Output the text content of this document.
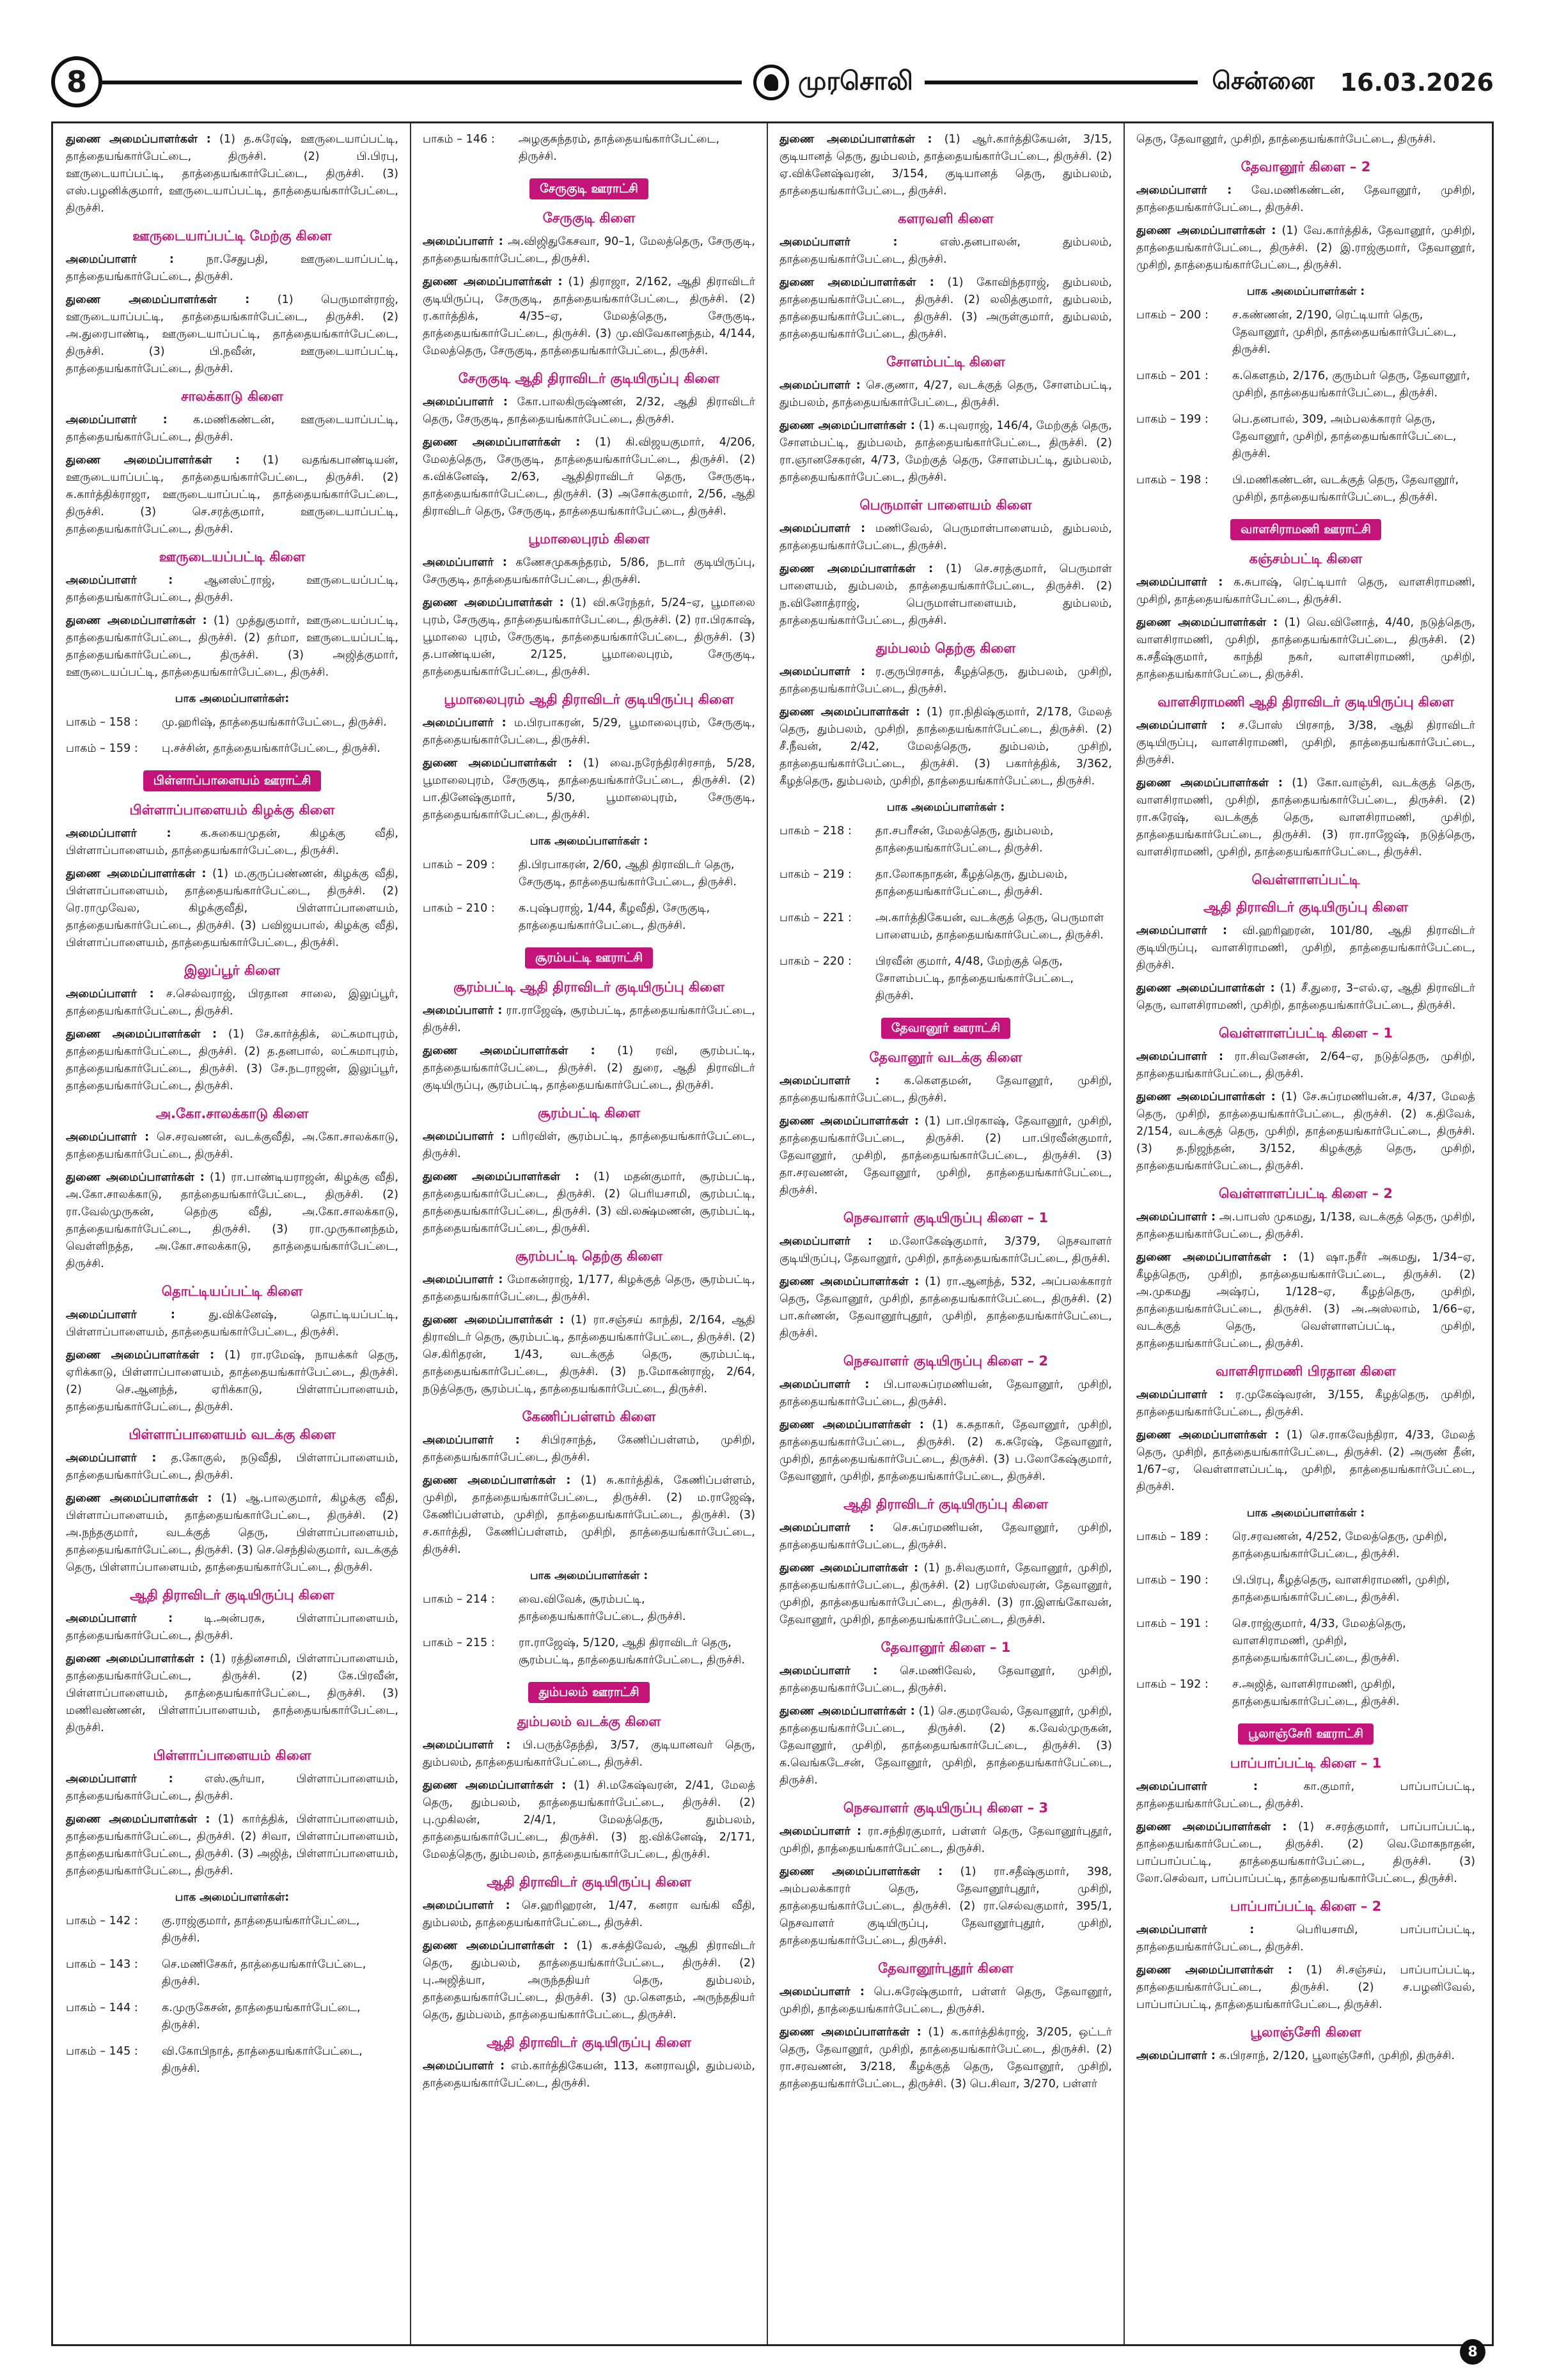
8	முரசொலி	சென்னை 16.03.2026

துணை அமைப்பாளர்கள் : (1) த.சுரேஷ், ஊருடையாப்பட்டி, தாத்தையங்கார்பேட்டை, திருச்சி. (2) பி.பிரபு, ஊருடையாப்பட்டி, தாத்தையங்கார்பேட்டை, திருச்சி. (3) எஸ்.பழனிக்குமார், ஊருடையாப்பட்டி, தாத்தையங்கார்பேட்டை, திருச்சி.

ஊருடையாப்பட்டி மேற்கு கிளை

அமைப்பாளர் : நா.சேதுபதி, ஊருடையாப்பட்டி, தாத்தையங்கார்பேட்டை, திருச்சி.

துணை அமைப்பாளர்கள் : (1) பெருமாள்ராஜ், ஊருடையாப்பட்டி, தாத்தையங்கார்பேட்டை, திருச்சி. (2) அ.துரைபாண்டி, ஊருடையாப்பட்டி, தாத்தையங்கார்பேட்டை, திருச்சி. (3) பி.நவீன், ஊருடையாப்பட்டி, தாத்தையங்கார்பேட்டை, திருச்சி.

சாலக்காடு கிளை

அமைப்பாளர் : க.மணிகண்டன், ஊருடையாப்பட்டி, தாத்தையங்கார்பேட்டை, திருச்சி.

துணை அமைப்பாளர்கள் : (1) வதங்கபாண்டியன், ஊருடையாப்பட்டி, தாத்தையங்கார்பேட்டை, திருச்சி. (2) சு.கார்த்திக்ராஜா, ஊருடையாப்பட்டி, தாத்தையங்கார்பேட்டை, திருச்சி. (3) செ.சரத்குமார், ஊருடையாப்பட்டி, தாத்தையங்கார்பேட்டை, திருச்சி.

ஊருடையப்பட்டி கிளை

அமைப்பாளர் : ஆனஸ்ட்ராஜ், ஊருடையப்பட்டி, தாத்தையங்கார்பேட்டை, திருச்சி.

துணை அமைப்பாளர்கள் : (1) முத்துகுமார், ஊருடையப்பட்டி, தாத்தையங்கார்பேட்டை, திருச்சி. (2) தர்மா, ஊருடையப்பட்டி, தாத்தையங்கார்பேட்டை, திருச்சி. (3) அஜித்குமார், ஊருடையப்பட்டி, தாத்தையங்கார்பேட்டை, திருச்சி.

பாக அமைப்பாளர்கள்:
பாகம் – 158 :	மு.ஹரிஷ், தாத்தையங்கார்பேட்டை, திருச்சி.
பாகம் – 159 :	பு.சச்சின், தாத்தையங்கார்பேட்டை, திருச்சி.
பிள்ளாப்பாளையம் ஊராட்சி
பிள்ளாப்பாளையம் கிழக்கு கிளை

அமைப்பாளர் : க.சுகையமுதன், கிழக்கு வீதி, பிள்ளாப்பாளையம், தாத்தையங்கார்பேட்டை, திருச்சி.

துணை அமைப்பாளர்கள் : (1) ம.குருப்பண்ணன், கிழக்கு வீதி, பிள்ளாப்பாளையம், தாத்தையங்கார்பேட்டை, திருச்சி. (2) ரெ.ராமுவேல, கிழக்குவீதி, பிள்ளாப்பாளையம், தாத்தையங்கார்பேட்டை, திருச்சி. (3) பவிஜயபால், கிழக்கு வீதி, பிள்ளாப்பாளையம், தாத்தையங்கார்பேட்டை, திருச்சி.

இலுப்பூர் கிளை

அமைப்பாளர் : ச.செல்வராஜ், பிரதான சாலை, இலுப்பூர், தாத்தையங்கார்பேட்டை, திருச்சி.

துணை அமைப்பாளர்கள் : (1) சே.கார்த்திக், லட்சுமாபுரம், தாத்தையங்கார்பேட்டை, திருச்சி. (2) த.தனபால், லட்சுமாபுரம், தாத்தையங்கார்பேட்டை, திருச்சி. (3) சே.நடராஜன், இலுப்பூர், தாத்தையங்கார்பேட்டை, திருச்சி.

அ.கோ.சாலக்காடு கிளை

அமைப்பாளர் : செ.சரவணன், வடக்குவீதி, அ.கோ.சாலக்காடு, தாத்தையங்கார்பேட்டை, திருச்சி.

துணை அமைப்பாளர்கள் : (1) ரா.பாண்டியராஜன், கிழக்கு வீதி, அ.கோ.சாலக்காடு, தாத்தையங்கார்பேட்டை, திருச்சி. (2) ரா.வேல்முருகன், தெற்கு வீதி, அ.கோ.சாலக்காடு, தாத்தையங்கார்பேட்டை, திருச்சி. (3) ரா.முருகானந்தம், வெள்ளிநத்த, அ.கோ.சாலக்காடு, தாத்தையங்கார்பேட்டை, திருச்சி.

தொட்டியப்பட்டி கிளை

அமைப்பாளர் : து.விக்னேஷ், தொட்டியப்பட்டி, பிள்ளாப்பாளையம், தாத்தையங்கார்பேட்டை, திருச்சி.

துணை அமைப்பாளர்கள் : (1) ரா.ரமேஷ், நாயக்கர் தெரு, ஏரிக்காடு, பிள்ளாப்பாளையம், தாத்தையங்கார்பேட்டை, திருச்சி. (2) செ.ஆனந்த், ஏரிக்காடு, பிள்ளாப்பாளையம், தாத்தையங்கார்பேட்டை, திருச்சி.

பிள்ளாப்பாளையம் வடக்கு கிளை

அமைப்பாளர் : த.கோகுல், நடுவீதி, பிள்ளாப்பாளையம், தாத்தையங்கார்பேட்டை, திருச்சி.

துணை அமைப்பாளர்கள் : (1) ஆ.பாலகுமார், கிழக்கு வீதி, பிள்ளாப்பாளையம், தாத்தையங்கார்பேட்டை, திருச்சி. (2) அ.நந்தகுமார், வடக்குத் தெரு, பிள்ளாப்பாளையம், தாத்தையங்கார்பேட்டை, திருச்சி. (3) செ.செந்தில்குமார், வடக்குத் தெரு, பிள்ளாப்பாளையம், தாத்தையங்கார்பேட்டை, திருச்சி.

ஆதி திராவிடர் குடியிருப்பு கிளை

அமைப்பாளர் : டி.அன்பரசு, பிள்ளாப்பாளையம், தாத்தையங்கார்பேட்டை, திருச்சி.

துணை அமைப்பாளர்கள் : (1) ரத்தினசாமி, பிள்ளாப்பாளையம், தாத்தையங்கார்பேட்டை, திருச்சி. (2) கே.பிரவீன், பிள்ளாப்பாளையம், தாத்தையங்கார்பேட்டை, திருச்சி. (3) மணிவண்ணன், பிள்ளாப்பாளையம், தாத்தையங்கார்பேட்டை, திருச்சி.

பிள்ளாப்பாளையம் கிளை

அமைப்பாளர் : எஸ்.சூர்யா, பிள்ளாப்பாளையம், தாத்தையங்கார்பேட்டை, திருச்சி.

துணை அமைப்பாளர்கள் : (1) கார்த்திக், பிள்ளாப்பாளையம், தாத்தையங்கார்பேட்டை, திருச்சி. (2) சிவா, பிள்ளாப்பாளையம், தாத்தையங்கார்பேட்டை, திருச்சி. (3) அஜித், பிள்ளாப்பாளையம், தாத்தையங்கார்பேட்டை, திருச்சி.

பாக அமைப்பாளர்கள்:
பாகம் – 142 :	கு.ராஜ்குமார், தாத்தையங்கார்பேட்டை, திருச்சி.
பாகம் – 143 :	செ.மணிசேகர், தாத்தையங்கார்பேட்டை, திருச்சி.
பாகம் – 144 :	க.முருகேசன், தாத்தையங்கார்பேட்டை, திருச்சி.
பாகம் – 145 :	வி.கோபிநாத், தாத்தையங்கார்பேட்டை, திருச்சி.
பாகம் – 146 :	அழகுசுந்தரம், தாத்தையங்கார்பேட்டை, திருச்சி.
சேருகுடி ஊராட்சி
சேருகுடி கிளை

அமைப்பாளர் : அ.விஜிதுகேசவா, 90–1, மேலத்தெரு, சேருகுடி, தாத்தையங்கார்பேட்டை, திருச்சி.

துணை அமைப்பாளர்கள் : (1) திராஜா, 2/162, ஆதி திராவிடர் குடியிருப்பு, சேருகுடி, தாத்தையங்கார்பேட்டை, திருச்சி. (2) ர.கார்த்திக், 4/35–ஏ, மேலத்தெரு, சேருகுடி, தாத்தையங்கார்பேட்டை, திருச்சி. (3) மு.விவேகானந்தம், 4/144, மேலத்தெரு, சேருகுடி, தாத்தையங்கார்பேட்டை, திருச்சி.

சேருகுடி ஆதி திராவிடர் குடியிருப்பு கிளை

அமைப்பாளர் : கோ.பாலகிருஷ்ணன், 2/32, ஆதி திராவிடர் தெரு, சேருகுடி, தாத்தையங்கார்பேட்டை, திருச்சி.

துணை அமைப்பாளர்கள் : (1) கி.விஜயகுமார், 4/206, மேலத்தெரு, சேருகுடி, தாத்தையங்கார்பேட்டை, திருச்சி. (2) க.விக்னேஷ், 2/63, ஆதிதிராவிடர் தெரு, சேருகுடி, தாத்தையங்கார்பேட்டை, திருச்சி. (3) அசோக்குமார், 2/56, ஆதி திராவிடர் தெரு, சேருகுடி, தாத்தையங்கார்பேட்டை, திருச்சி.

பூமாலைபுரம் கிளை

அமைப்பாளர் : கணேசமுகசுந்தரம், 5/86, நடார் குடியிருப்பு, சேருகுடி, தாத்தையங்கார்பேட்டை, திருச்சி.

துணை அமைப்பாளர்கள் : (1) வி.சுரேந்தர், 5/24–ஏ, பூமாலை புரம், சேருகுடி, தாத்தையங்கார்பேட்டை, திருச்சி. (2) ரா.பிரகாஷ், பூமாலை புரம், சேருகுடி, தாத்தையங்கார்பேட்டை, திருச்சி. (3) த.பாண்டியன், 2/125, பூமாலைபுரம், சேருகுடி, தாத்தையங்கார்பேட்டை, திருச்சி.

பூமாலைபுரம் ஆதி திராவிடர் குடியிருப்பு கிளை

அமைப்பாளர் : ம.பிரபாகரன், 5/29, பூமாலைபுரம், சேருகுடி, தாத்தையங்கார்பேட்டை, திருச்சி.

துணை அமைப்பாளர்கள் : (1) வை.நரேந்திரசிரசாந், 5/28, பூமாலைபுரம், சேருகுடி, தாத்தையங்கார்பேட்டை, திருச்சி. (2) பா.தினேஷ்குமார், 5/30, பூமாலைபுரம், சேருகுடி, தாத்தையங்கார்பேட்டை, திருச்சி.

பாக அமைப்பாளர்கள் :
பாகம் – 209 :	தி.பிரபாகரன், 2/60, ஆதி திராவிடர் தெரு, சேருகுடி, தாத்தையங்கார்பேட்டை, திருச்சி.
பாகம் – 210 :	க.புஷ்பராஜ், 1/44, கீழவீதி, சேருகுடி, தாத்தையங்கார்பேட்டை, திருச்சி.
சூரம்பட்டி ஊராட்சி
சூரம்பட்டி ஆதி திராவிடர் குடியிருப்பு கிளை

அமைப்பாளர் : ரா.ராஜேஷ், சூரம்பட்டி, தாத்தையங்கார்பேட்டை, திருச்சி.

துணை அமைப்பாளர்கள் : (1) ரவி, சூரம்பட்டி, தாத்தையங்கார்பேட்டை, திருச்சி. (2) துரை, ஆதி திராவிடர் குடியிருப்பு, சூரம்பட்டி, தாத்தையங்கார்பேட்டை, திருச்சி.

சூரம்பட்டி கிளை

அமைப்பாளர் : பரிரவிள், சூரம்பட்டி, தாத்தையங்கார்பேட்டை, திருச்சி.

துணை அமைப்பாளர்கள் : (1) மதன்குமார், சூரம்பட்டி, தாத்தையங்கார்பேட்டை, திருச்சி. (2) பெரியசாமி, சூரம்பட்டி, தாத்தையங்கார்பேட்டை, திருச்சி. (3) வி.லக்ஷ்மணன், சூரம்பட்டி, தாத்தையங்கார்பேட்டை, திருச்சி.

சூரம்பட்டி தெற்கு கிளை

அமைப்பாளர் : மோகன்ராஜ், 1/177, கிழக்குத் தெரு, சூரம்பட்டி, தாத்தையங்கார்பேட்டை, திருச்சி.

துணை அமைப்பாளர்கள் : (1) ரா.சஞ்சய் காந்தி, 2/164, ஆதி திராவிடர் தெரு, சூரம்பட்டி, தாத்தையங்கார்பேட்டை, திருச்சி. (2) செ.கிரிதரன், 1/43, வடக்குத் தெரு, சூரம்பட்டி, தாத்தையங்கார்பேட்டை, திருச்சி. (3) ந.மோகன்ராஜ், 2/64, நடுத்தெரு, சூரம்பட்டி, தாத்தையங்கார்பேட்டை, திருச்சி.

கேணிப்பள்ளம் கிளை

அமைப்பாளர் : சிபிரசாந்த், கேணிப்பள்ளம், முசிறி, தாத்தையங்கார்பேட்டை, திருச்சி.

துணை அமைப்பாளர்கள் : (1) சு.கார்த்திக், கேணிப்பள்ளம், முசிறி, தாத்தையங்கார்பேட்டை, திருச்சி. (2) ம.ராஜேஷ், கேணிப்பள்ளம், முசிறி, தாத்தையங்கார்பேட்டை, திருச்சி. (3) ச.கார்த்தி, கேணிப்பள்ளம், முசிறி, தாத்தையங்கார்பேட்டை, திருச்சி.

பாக அமைப்பாளர்கள் :
பாகம் – 214 :	வை.விவேக், சூரம்பட்டி, தாத்தையங்கார்பேட்டை, திருச்சி.
பாகம் – 215 :	ரா.ராஜேஷ், 5/120, ஆதி திராவிடர் தெரு, சூரம்பட்டி, தாத்தையங்கார்பேட்டை, திருச்சி.
தும்பலம் ஊராட்சி
தும்பலம் வடக்கு கிளை

அமைப்பாளர் : பி.பருத்தேந்தி, 3/57, குடியானவர் தெரு, தும்பலம், தாத்தையங்கார்பேட்டை, திருச்சி.

துணை அமைப்பாளர்கள் : (1) சி.மகேஷ்வரன், 2/41, மேலத் தெரு, தும்பலம், தாத்தையங்கார்பேட்டை, திருச்சி. (2) பு.முகிலன், 2/4/1, மேலத்தெரு, தும்பலம், தாத்தையங்கார்பேட்டை, திருச்சி. (3) ஐ.விக்னேஷ், 2/171, மேலத்தெரு, தும்பலம், தாத்தையங்கார்பேட்டை, திருச்சி.

ஆதி திராவிடர் குடியிருப்பு கிளை

அமைப்பாளர் : செ.ஹரிஹரன், 1/47, கனரா வங்கி வீதி, தும்பலம், தாத்தையங்கார்பேட்டை, திருச்சி.

துணை அமைப்பாளர்கள் : (1) க.சக்திவேல், ஆதி திராவிடர் தெரு, தும்பலம், தாத்தையங்கார்பேட்டை, திருச்சி. (2) பு.அஜித்யா, அருந்ததியர் தெரு, தும்பலம், தாத்தையங்கார்பேட்டை, திருச்சி. (3) மு.கௌதம், அருந்ததியர் தெரு, தும்பலம், தாத்தையங்கார்பேட்டை, திருச்சி.

ஆதி திராவிடர் குடியிருப்பு கிளை

அமைப்பாளர் : எம்.கார்த்திகேயன், 113, கனராவழி, தும்பலம், தாத்தையங்கார்பேட்டை, திருச்சி.

துணை அமைப்பாளர்கள் : (1) ஆர்.கார்த்திகேயன், 3/15, குடியானத் தெரு, தும்பலம், தாத்தையங்கார்பேட்டை, திருச்சி. (2) ஏ.விக்னேஷ்வரன், 3/154, குடியானத் தெரு, தும்பலம், தாத்தையங்கார்பேட்டை, திருச்சி.

களரவளி கிளை

அமைப்பாளர் : எஸ்.தனபாலன், தும்பலம், தாத்தையங்கார்பேட்டை, திருச்சி.

துணை அமைப்பாளர்கள் : (1) கோவிந்தராஜ், தும்பலம், தாத்தையங்கார்பேட்டை, திருச்சி. (2) லலித்குமார், தும்பலம், தாத்தையங்கார்பேட்டை, திருச்சி. (3) அருள்குமார், தும்பலம், தாத்தையங்கார்பேட்டை, திருச்சி.

சோளம்பட்டி கிளை

அமைப்பாளர் : செ.குணா, 4/27, வடக்குத் தெரு, சோளம்பட்டி, தும்பலம், தாத்தையங்கார்பேட்டை, திருச்சி.

துணை அமைப்பாளர்கள் : (1) க.புவராஜ், 146/4, மேற்குத் தெரு, சோளம்பட்டி, தும்பலம், தாத்தையங்கார்பேட்டை, திருச்சி. (2) ரா.ஞானசேகரன், 4/73, மேற்குத் தெரு, சோளம்பட்டி, தும்பலம், தாத்தையங்கார்பேட்டை, திருச்சி.

பெருமாள் பாளையம் கிளை

அமைப்பாளர் : மணிவேல், பெருமாள்பாளையம், தும்பலம், தாத்தையங்கார்பேட்டை, திருச்சி.

துணை அமைப்பாளர்கள் : (1) செ.சரத்குமார், பெருமாள் பாளையம், தும்பலம், தாத்தையங்கார்பேட்டை, திருச்சி. (2) ந.வினோத்ராஜ், பெருமாள்பாளையம், தும்பலம், தாத்தையங்கார்பேட்டை, திருச்சி.

தும்பலம் தெற்கு கிளை

அமைப்பாளர் : ர.குருபிரசாத், கீழத்தெரு, தும்பலம், முசிறி, தாத்தையங்கார்பேட்டை, திருச்சி.

துணை அமைப்பாளர்கள் : (1) ரா.நிதிஷ்குமார், 2/178, மேலத் தெரு, தும்பலம், முசிறி, தாத்தையங்கார்பேட்டை, திருச்சி. (2) சீ.நீவன், 2/42, மேலத்தெரு, தும்பலம், முசிறி, தாத்தையங்கார்பேட்டை, திருச்சி. (3) பகார்த்திக், 3/362, கீழத்தெரு, தும்பலம், முசிறி, தாத்தையங்கார்பேட்டை, திருச்சி.

பாக அமைப்பாளர்கள் :
பாகம் – 218 :	தா.சபரீசன், மேலத்தெரு, தும்பலம், தாத்தையங்கார்பேட்டை, திருச்சி.
பாகம் – 219 :	தா.லோகநாதன், கீழத்தெரு, தும்பலம், தாத்தையங்கார்பேட்டை, திருச்சி.
பாகம் – 221 :	அ.கார்த்திகேயன், வடக்குத் தெரு, பெருமாள் பாளையம், தாத்தையங்கார்பேட்டை, திருச்சி.
பாகம் – 220 :	பிரவீன் குமார், 4/48, மேற்குத் தெரு, சோளம்பட்டி, தாத்தையங்கார்பேட்டை, திருச்சி.
தேவானூர் ஊராட்சி
தேவானூர் வடக்கு கிளை

அமைப்பாளர் : க.கௌதமன், தேவானூர், முசிறி, தாத்தையங்கார்பேட்டை, திருச்சி.

துணை அமைப்பாளர்கள் : (1) பா.பிரகாஷ், தேவானூர், முசிறி, தாத்தையங்கார்பேட்டை, திருச்சி. (2) பா.பிரவீன்குமார், தேவானூர், முசிறி, தாத்தையங்கார்பேட்டை, திருச்சி. (3) தா.சரவணன், தேவானூர், முசிறி, தாத்தையங்கார்பேட்டை, திருச்சி.

நெசவாளர் குடியிருப்பு கிளை – 1

அமைப்பாளர் : ம.லோகேஷ்குமார், 3/379, நெசவாளர் குடியிருப்பு, தேவானூர், முசிறி, தாத்தையங்கார்பேட்டை, திருச்சி.

துணை அமைப்பாளர்கள் : (1) ரா.ஆனந்த், 532, அப்பலக்காரர் தெரு, தேவானூர், முசிறி, தாத்தையங்கார்பேட்டை, திருச்சி. (2) பா.கர்ணன், தேவானூர்புதூர், முசிறி, தாத்தையங்கார்பேட்டை, திருச்சி.

நெசவாளர் குடியிருப்பு கிளை – 2

அமைப்பாளர் : பி.பாலசுப்ரமணியன், தேவானூர், முசிறி, தாத்தையங்கார்பேட்டை, திருச்சி.

துணை அமைப்பாளர்கள் : (1) க.சுதாகர், தேவானூர், முசிறி, தாத்தையங்கார்பேட்டை, திருச்சி. (2) க.சுரேஷ், தேவானூர், முசிறி, தாத்தையங்கார்பேட்டை, திருச்சி. (3) ப.லோகேஷ்குமார், தேவானூர், முசிறி, தாத்தையங்கார்பேட்டை, திருச்சி.

ஆதி திராவிடர் குடியிருப்பு கிளை

அமைப்பாளர் : செ.சுப்ரமணியன், தேவானூர், முசிறி, தாத்தையங்கார்பேட்டை, திருச்சி.

துணை அமைப்பாளர்கள் : (1) ந.சிவகுமார், தேவானூர், முசிறி, தாத்தையங்கார்பேட்டை, திருச்சி. (2) பரமேஸ்வரன், தேவானூர், முசிறி, தாத்தையங்கார்பேட்டை, திருச்சி. (3) ரா.இளங்கோவன், தேவானூர், முசிறி, தாத்தையங்கார்பேட்டை, திருச்சி.

தேவானூர் கிளை – 1

அமைப்பாளர் : செ.மணிவேல், தேவானூர், முசிறி, தாத்தையங்கார்பேட்டை, திருச்சி.

துணை அமைப்பாளர்கள் : (1) செ.குமரவேல், தேவானூர், முசிறி, தாத்தையங்கார்பேட்டை, திருச்சி. (2) க.வேல்முருகன், தேவானூர், முசிறி, தாத்தையங்கார்பேட்டை, திருச்சி. (3) க.வெங்கடேசன், தேவானூர், முசிறி, தாத்தையங்கார்பேட்டை, திருச்சி.

நெசவாளர் குடியிருப்பு கிளை – 3

அமைப்பாளர் : ரா.சந்திரகுமார், பள்ளர் தெரு, தேவானூர்புதூர், முசிறி, தாத்தையங்கார்பேட்டை, திருச்சி.

துணை அமைப்பாளர்கள் : (1) ரா.சதீஷ்குமார், 398, அம்பலக்காரர் தெரு, தேவானூர்புதூர், முசிறி, தாத்தையங்கார்பேட்டை, திருச்சி. (2) ரா.செல்வகுமார், 395/1, நெசவாளர் குடியிருப்பு, தேவானூர்புதூர், முசிறி, தாத்தையங்கார்பேட்டை, திருச்சி.

தேவானூர்புதூர் கிளை

அமைப்பாளர் : பெ.சுரேஷ்குமார், பள்ளர் தெரு, தேவானூர், முசிறி, தாத்தையங்கார்பேட்டை, திருச்சி.

துணை அமைப்பாளர்கள் : (1) க.கார்த்திக்ராஜ், 3/205, ஒட்டர் தெரு, தேவானூர், முசிறி, தாத்தையங்கார்பேட்டை, திருச்சி. (2) ரா.சரவணன், 3/218, கீழக்குத் தெரு, தேவானூர், முசிறி, தாத்தையங்கார்பேட்டை, திருச்சி. (3) பெ.சிவா, 3/270, பள்ளர்

தெரு, தேவானூர், முசிறி, தாத்தையங்கார்பேட்டை, திருச்சி.

தேவானூர் கிளை – 2

அமைப்பாளர் : வே.மணிகண்டன், தேவானூர், முசிறி, தாத்தையங்கார்பேட்டை, திருச்சி.

துணை அமைப்பாளர்கள் : (1) வே.கார்த்திக், தேவானூர், முசிறி, தாத்தையங்கார்பேட்டை, திருச்சி. (2) இ.ராஜ்குமார், தேவானூர், முசிறி, தாத்தையங்கார்பேட்டை, திருச்சி.

பாக அமைப்பாளர்கள் :
பாகம் – 200 :	ச.கண்ணன், 2/190, ரெட்டியார் தெரு, தேவானூர், முசிறி, தாத்தையங்கார்பேட்டை, திருச்சி.
பாகம் – 201 :	க.கௌதம், 2/176, குரும்பர் தெரு, தேவானூர், முசிறி, தாத்தையங்கார்பேட்டை, திருச்சி.
பாகம் – 199 :	பெ.தனபால், 309, அம்பலக்காரர் தெரு, தேவானூர், முசிறி, தாத்தையங்கார்பேட்டை, திருச்சி.
பாகம் – 198 :	பி.மணிகண்டன், வடக்குத் தெரு, தேவானூர், முசிறி, தாத்தையங்கார்பேட்டை, திருச்சி.
வாளசிராமணி ஊராட்சி
கஞ்சம்பட்டி கிளை

அமைப்பாளர் : க.சுபாஷ், ரெட்டியார் தெரு, வாளசிராமணி, முசிறி, தாத்தையங்கார்பேட்டை, திருச்சி.

துணை அமைப்பாளர்கள் : (1) வெ.வினோத், 4/40, நடுத்தெரு, வாளசிராமணி, முசிறி, தாத்தையங்கார்பேட்டை, திருச்சி. (2) க.சதீஷ்குமார், காந்தி நகர், வாளசிராமணி, முசிறி, தாத்தையங்கார்பேட்டை, திருச்சி.

வாளசிராமணி ஆதி திராவிடர் குடியிருப்பு கிளை

அமைப்பாளர் : ச.போஸ் பிரசாந், 3/38, ஆதி திராவிடர் குடியிருப்பு, வாளசிராமணி, முசிறி, தாத்தையங்கார்பேட்டை, திருச்சி.

துணை அமைப்பாளர்கள் : (1) கோ.வாஞ்சி, வடக்குத் தெரு, வாளசிராமணி, முசிறி, தாத்தையங்கார்பேட்டை, திருச்சி. (2) ரா.சுரேஷ், வடக்குத் தெரு, வாளசிராமணி, முசிறி, தாத்தையங்கார்பேட்டை, திருச்சி. (3) ரா.ராஜேஷ், நடுத்தெரு, வாளசிராமணி, முசிறி, தாத்தையங்கார்பேட்டை, திருச்சி.

வெள்ளாளப்பட்டி
ஆதி திராவிடர் குடியிருப்பு கிளை

அமைப்பாளர் : வி.ஹரிஹரன், 101/80, ஆதி திராவிடர் குடியிருப்பு, வாளசிராமணி, முசிறி, தாத்தையங்கார்பேட்டை, திருச்சி.

துணை அமைப்பாளர்கள் : (1) சீ.துரை, 3–எல்.ஏ, ஆதி திராவிடர் தெரு, வாளசிராமணி, முசிறி, தாத்தையங்கார்பேட்டை, திருச்சி.

வெள்ளாளப்பட்டி கிளை – 1

அமைப்பாளர் : ரா.சிவனேசன், 2/64–ஏ, நடுத்தெரு, முசிறி, தாத்தையங்கார்பேட்டை, திருச்சி.

துணை அமைப்பாளர்கள் : (1) சே.சுப்ரமணியன்.ச, 4/37, மேலத் தெரு, முசிறி, தாத்தையங்கார்பேட்டை, திருச்சி. (2) க.திவேக், 2/154, வடக்குத் தெரு, முசிறி, தாத்தையங்கார்பேட்டை, திருச்சி. (3) த.நிஜந்தன், 3/152, கிழக்குத் தெரு, முசிறி, தாத்தையங்கார்பேட்டை, திருச்சி.

வெள்ளாளப்பட்டி கிளை – 2

அமைப்பாளர் : அ.பாபஸ் முகமது, 1/138, வடக்குத் தெரு, முசிறி, தாத்தையங்கார்பேட்டை, திருச்சி.

துணை அமைப்பாளர்கள் : (1) ஷா.நசீர் அகமது, 1/34–ஏ, கீழத்தெரு, முசிறி, தாத்தையங்கார்பேட்டை, திருச்சி. (2) அ.முகமது அஷ்ரப், 1/128–ஏ, கீழத்தெரு, முசிறி, தாத்தையங்கார்பேட்டை, திருச்சி. (3) அ.அஸ்லாம், 1/66–ஏ, வடக்குத் தெரு, வெள்ளாளப்பட்டி, முசிறி, தாத்தையங்கார்பேட்டை, திருச்சி.

வாளசிராமணி பிரதான கிளை

அமைப்பாளர் : ர.முகேஷ்வரன், 3/155, கீழத்தெரு, முசிறி, தாத்தையங்கார்பேட்டை, திருச்சி.

துணை அமைப்பாளர்கள் : (1) செ.ராகவேந்திரா, 4/33, மேலத் தெரு, முசிறி, தாத்தையங்கார்பேட்டை, திருச்சி. (2) அருண் தீன், 1/67–ஏ, வெள்ளாளப்பட்டி, முசிறி, தாத்தையங்கார்பேட்டை, திருச்சி.

பாக அமைப்பாளர்கள் :
பாகம் – 189 :	ரெ.சரவணன், 4/252, மேலத்தெரு, முசிறி, தாத்தையங்கார்பேட்டை, திருச்சி.
பாகம் – 190 :	பி.பிரபு, கீழத்தெரு, வாளசிராமணி, முசிறி, தாத்தையங்கார்பேட்டை, திருச்சி.
பாகம் – 191 :	செ.ராஜ்குமார், 4/33, மேலத்தெரு, வாளசிராமணி, முசிறி, தாத்தையங்கார்பேட்டை, திருச்சி.
பாகம் – 192 :	ச.அஜித், வாளசிராமணி, முசிறி, தாத்தையங்கார்பேட்டை, திருச்சி.
பூலாஞ்சேரி ஊராட்சி
பாப்பாப்பட்டி கிளை – 1

அமைப்பாளர் : கா.குமார், பாப்பாப்பட்டி, தாத்தையங்கார்பேட்டை, திருச்சி.

துணை அமைப்பாளர்கள் : (1) ச.சரத்குமார், பாப்பாப்பட்டி, தாத்தையங்கார்பேட்டை, திருச்சி. (2) வெ.மோகநாதன், பாப்பாப்பட்டி, தாத்தையங்கார்பேட்டை, திருச்சி. (3) லோ.செல்வா, பாப்பாப்பட்டி, தாத்தையங்கார்பேட்டை, திருச்சி.

பாப்பாப்பட்டி கிளை – 2

அமைப்பாளர் : பெரியசாமி, பாப்பாப்பட்டி, தாத்தையங்கார்பேட்டை, திருச்சி.

துணை அமைப்பாளர்கள் : (1) சி.சஞ்சய், பாப்பாப்பட்டி, தாத்தையங்கார்பேட்டை, திருச்சி. (2) ச.பழனிவேல், பாப்பாப்பட்டி, தாத்தையங்கார்பேட்டை, திருச்சி.

பூலாஞ்சேரி கிளை

அமைப்பாளர் : க.பிரசாந், 2/120, பூலாஞ்சேரி, முசிறி, திருச்சி.

8
